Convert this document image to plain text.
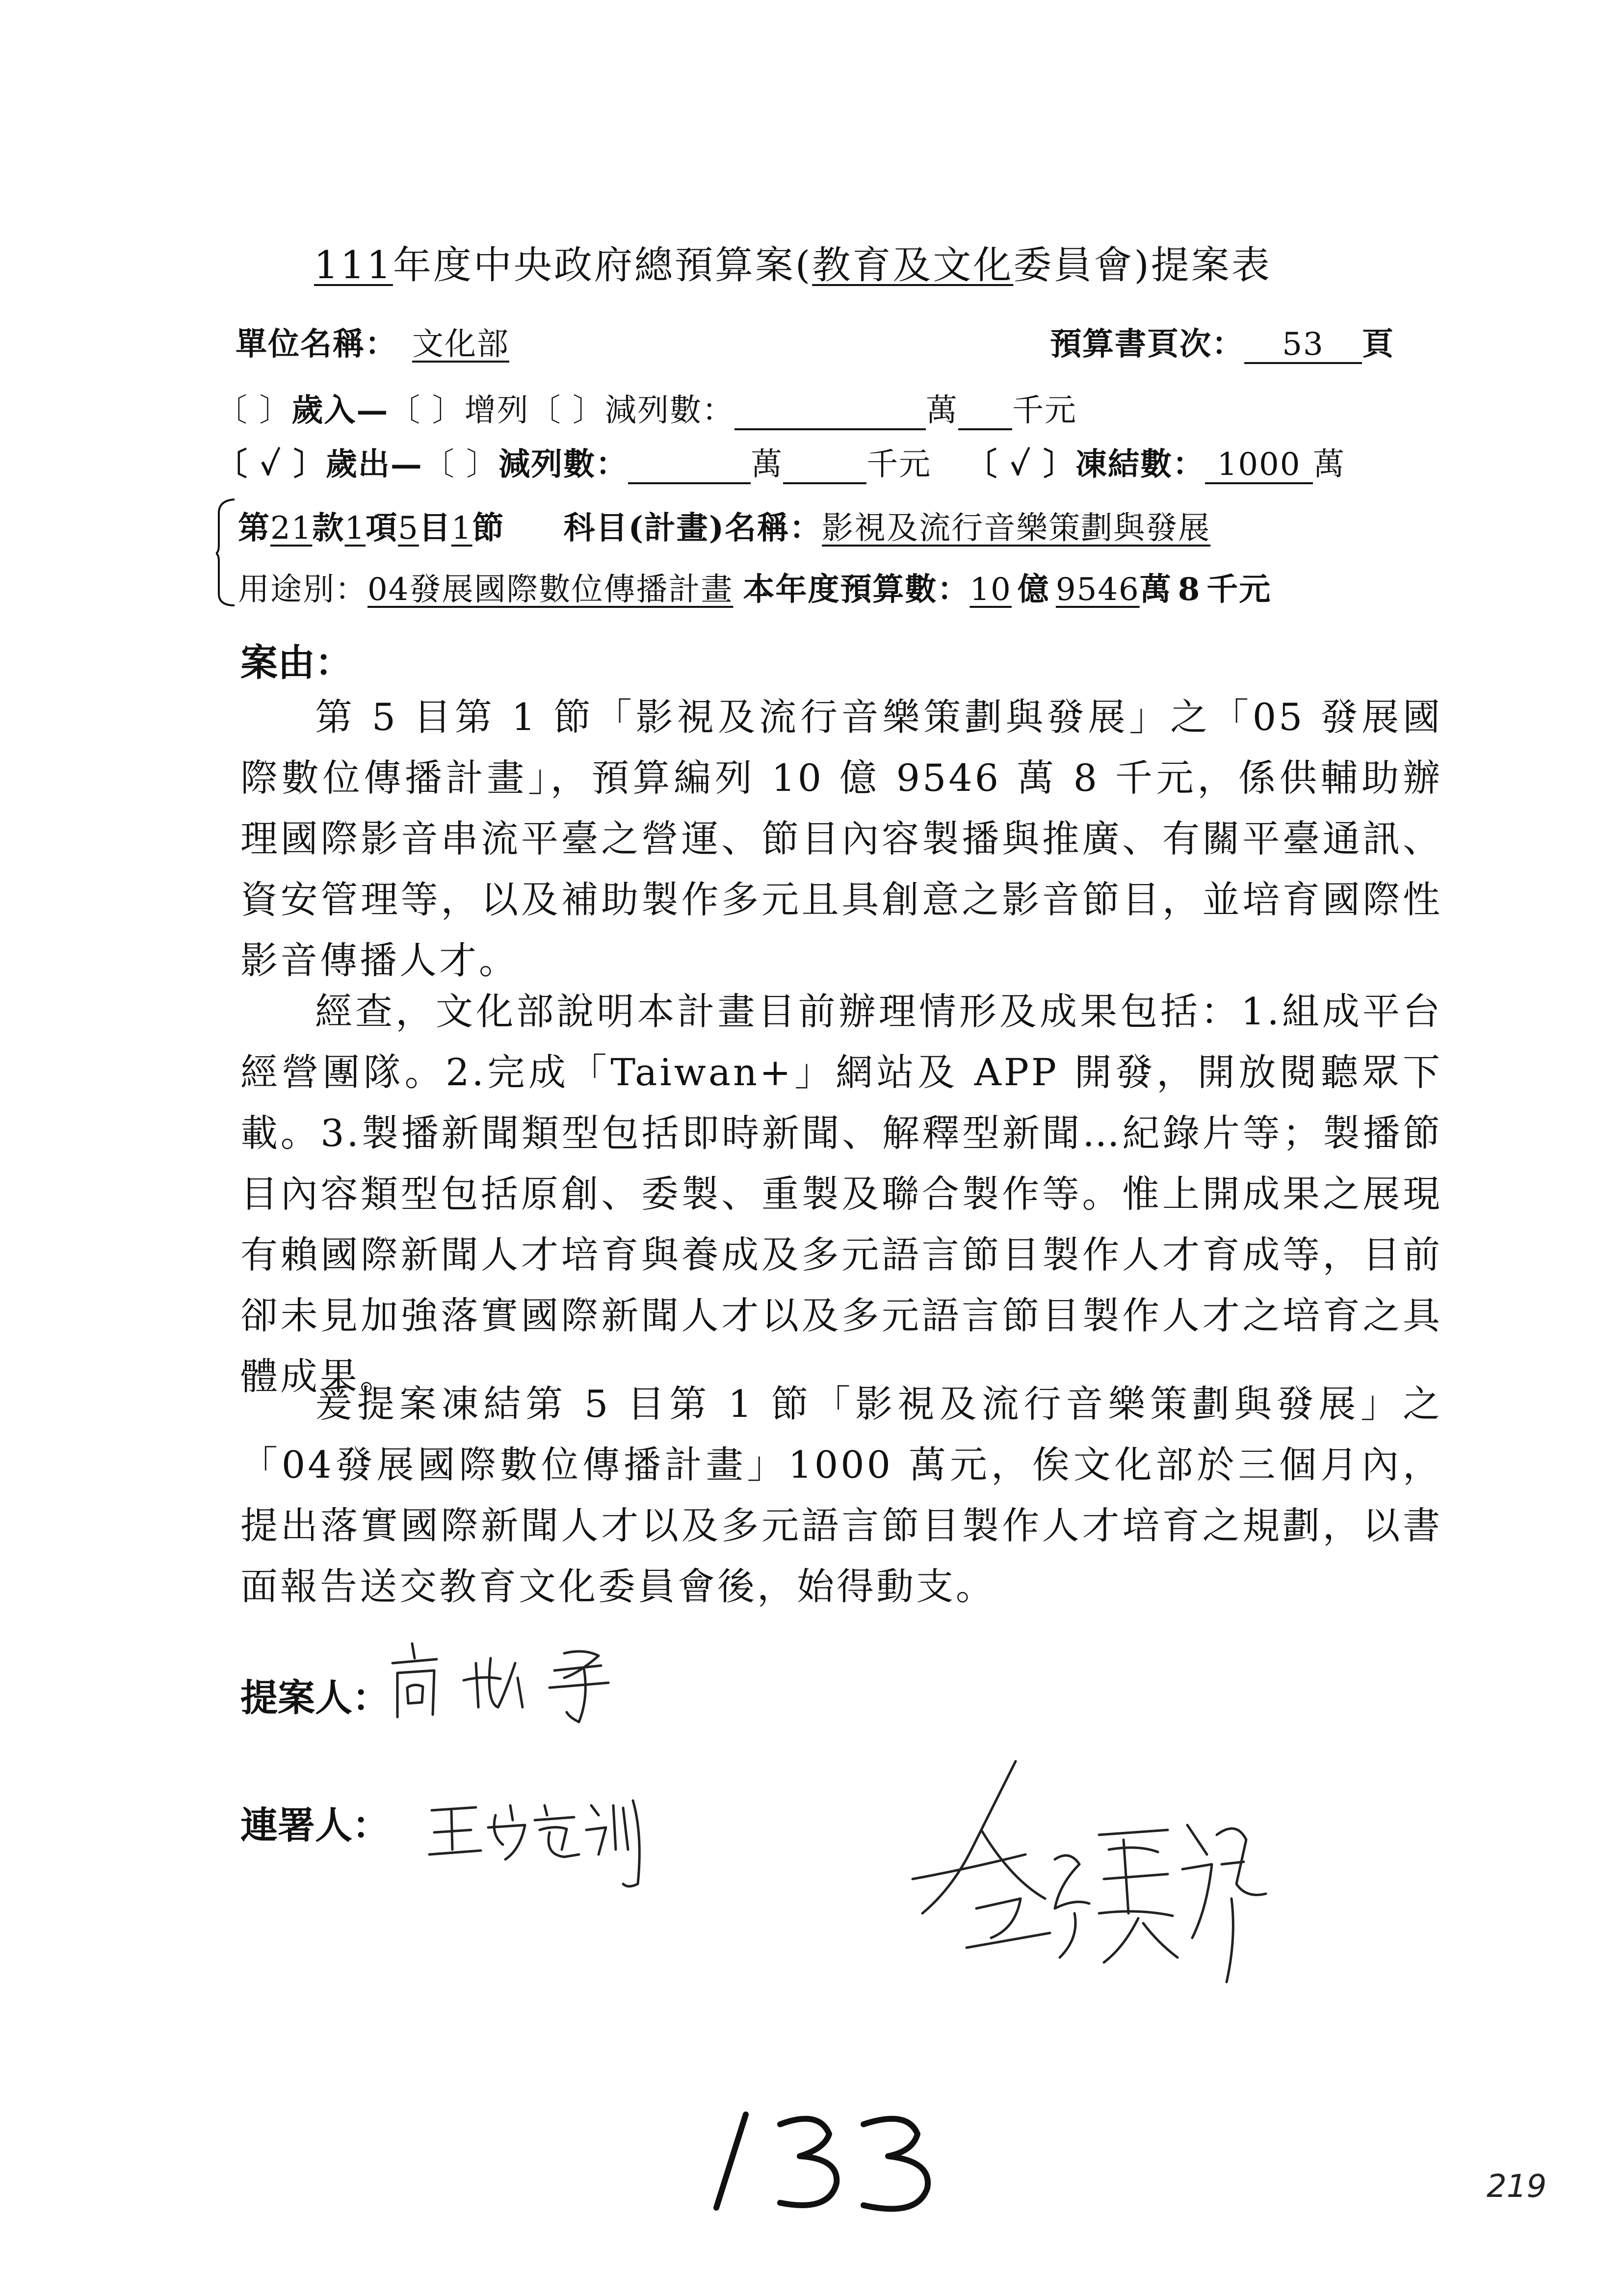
111年度中央政府總預算案(教育及文化委員會)提案表
單位名稱： 文化部	預算書頁次： 53 頁
〔 〕歲入—〔 〕增列〔 〕減列數：	萬 千元
〔 ✓ 〕歲出—〔 〕減列數：	萬	千元 〔 ✓ 〕凍結數： 1000 萬
第21款1項5目1節 科目(計畫)名稱：影視及流行音樂策劃與發展
用途別：04發展國際數位傳播計畫 本年度預算數：10 億 9546萬 8 千元
案由：
第 5 目第 1 節「影視及流行音樂策劃與發展」之「05 發展國際數位傳播計畫」，預算編列 10 億 9546 萬 8 千元，係供輔助辦理國際影音串流平臺之營運、節目內容製播與推廣、有關平臺通訊、資安管理等，以及補助製作多元且具創意之影音節目，並培育國際性影音傳播人才。
經查，文化部說明本計畫目前辦理情形及成果包括：1.組成平台經營團隊。2.完成「Taiwan+」網站及 APP 開發，開放閱聽眾下載。3.製播新聞類型包括即時新聞、解釋型新聞…紀錄片等；製播節目內容類型包括原創、委製、重製及聯合製作等。惟上開成果之展現有賴國際新聞人才培育與養成及多元語言節目製作人才育成等，目前卻未見加強落實國際新聞人才以及多元語言節目製作人才之培育之具體成果。
爰提案凍結第 5 目第 1 節「影視及流行音樂策劃與發展」之「04發展國際數位傳播計畫」1000 萬元，俟文化部於三個月內，提出落實國際新聞人才以及多元語言節目製作人才培育之規劃，以書面報告送交教育文化委員會後，始得動支。
提案人：
連署人：
219
